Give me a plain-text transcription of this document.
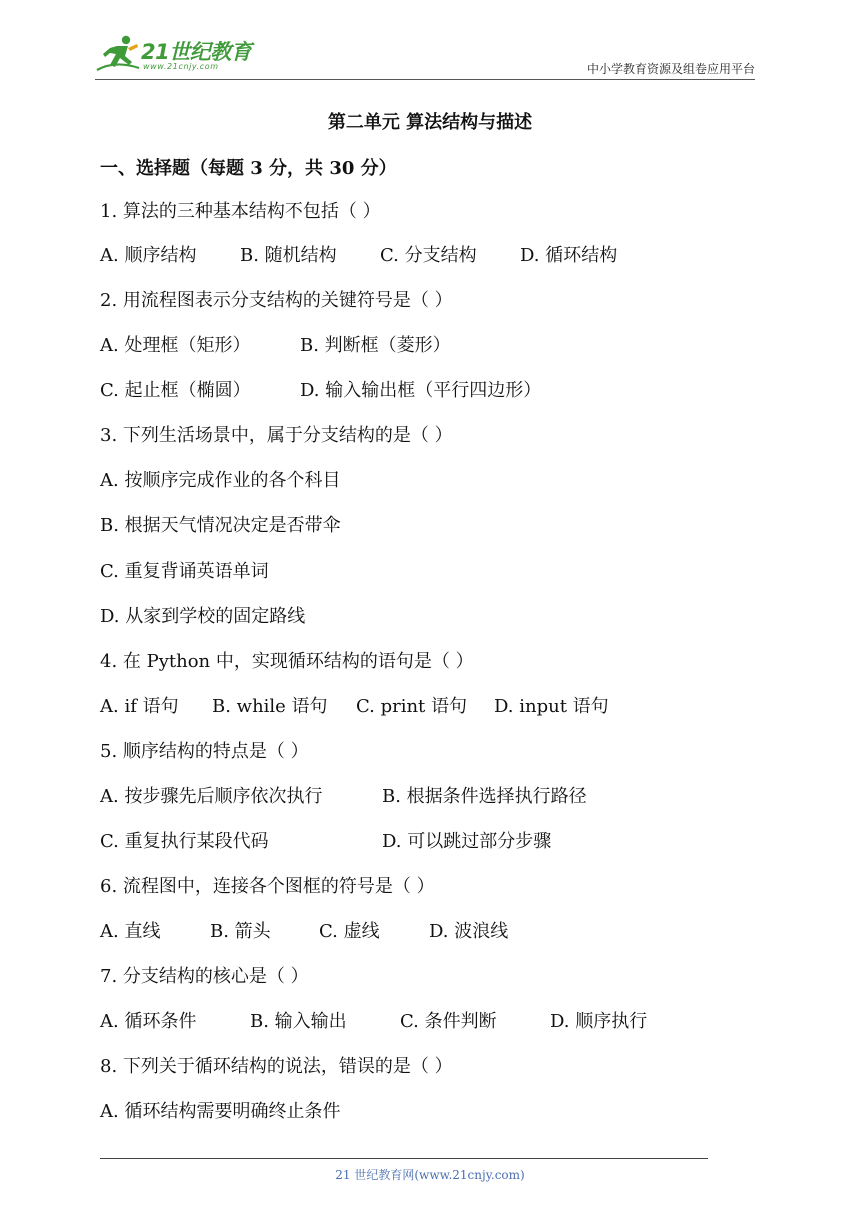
21世纪教育
www.21cnjy.com	中小学教育资源及组卷应用平台
第二单元 算法结构与描述
一、选择题（每题 3 分，共 30 分）
1. 算法的三种基本结构不包括（ ）
A. 顺序结构 B. 随机结构 C. 分支结构 D. 循环结构
2. 用流程图表示分支结构的关键符号是（ ）
A. 处理框（矩形）	B. 判断框（菱形）
C. 起止框（椭圆）	D. 输入输出框（平行四边形）
3. 下列生活场景中，属于分支结构的是（ ）
A. 按顺序完成作业的各个科目
B. 根据天气情况决定是否带伞
C. 重复背诵英语单词
D. 从家到学校的固定路线
4. 在 Python 中，实现循环结构的语句是（ ）
A. if 语句 B. while 语句 C. print 语句 D. input 语句
5. 顺序结构的特点是（ ）
A. 按步骤先后顺序依次执行	B. 根据条件选择执行路径
C. 重复执行某段代码	D. 可以跳过部分步骤
6. 流程图中，连接各个图框的符号是（ ）
A. 直线	B. 箭头	C. 虚线	D. 波浪线
7. 分支结构的核心是（ ）
A. 循环条件	B. 输入输出	C. 条件判断	D. 顺序执行
8. 下列关于循环结构的说法，错误的是（ ）
A. 循环结构需要明确终止条件
21 世纪教育网(www.21cnjy.com)
